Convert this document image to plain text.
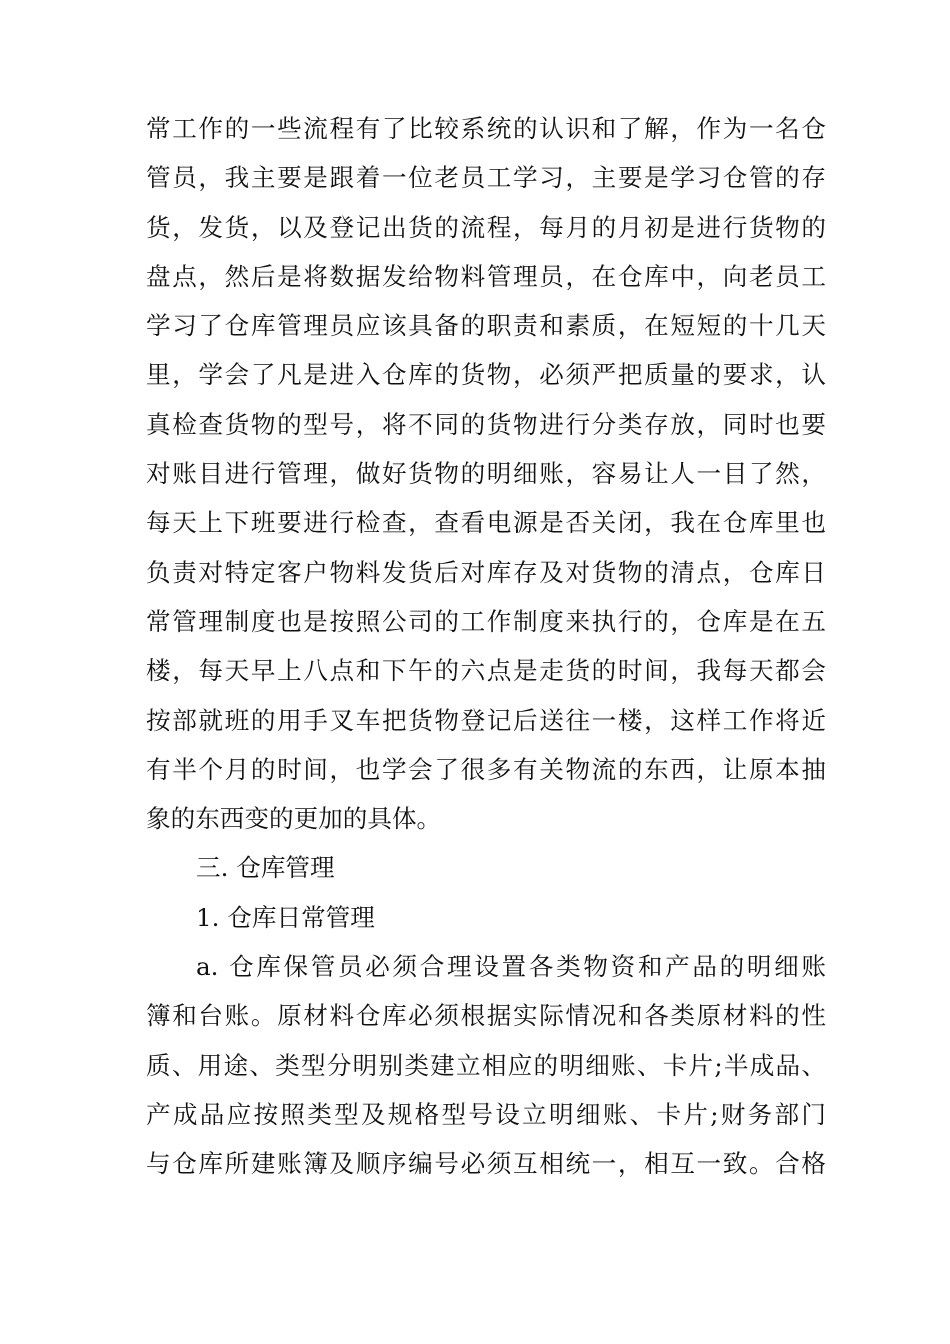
常工作的一些流程有了比较系统的认识和了解，作为一名仓
管员，我主要是跟着一位老员工学习，主要是学习仓管的存
货，发货，以及登记出货的流程，每月的月初是进行货物的
盘点，然后是将数据发给物料管理员，在仓库中，向老员工
学习了仓库管理员应该具备的职责和素质，在短短的十几天
里，学会了凡是进入仓库的货物，必须严把质量的要求，认
真检查货物的型号，将不同的货物进行分类存放，同时也要
对账目进行管理，做好货物的明细账，容易让人一目了然，
每天上下班要进行检查，查看电源是否关闭，我在仓库里也
负责对特定客户物料发货后对库存及对货物的清点，仓库日
常管理制度也是按照公司的工作制度来执行的，仓库是在五
楼，每天早上八点和下午的六点是走货的时间，我每天都会
按部就班的用手叉车把货物登记后送往一楼，这样工作将近
有半个月的时间，也学会了很多有关物流的东西，让原本抽
象的东西变的更加的具体。
三. 仓库管理
1. 仓库日常管理
a. 仓库保管员必须合理设置各类物资和产品的明细账
簿和台账。原材料仓库必须根据实际情况和各类原材料的性
质、用途、类型分明别类建立相应的明细账、卡片;半成品、
产成品应按照类型及规格型号设立明细账、卡片;财务部门
与仓库所建账簿及顺序编号必须互相统一，相互一致。合格
